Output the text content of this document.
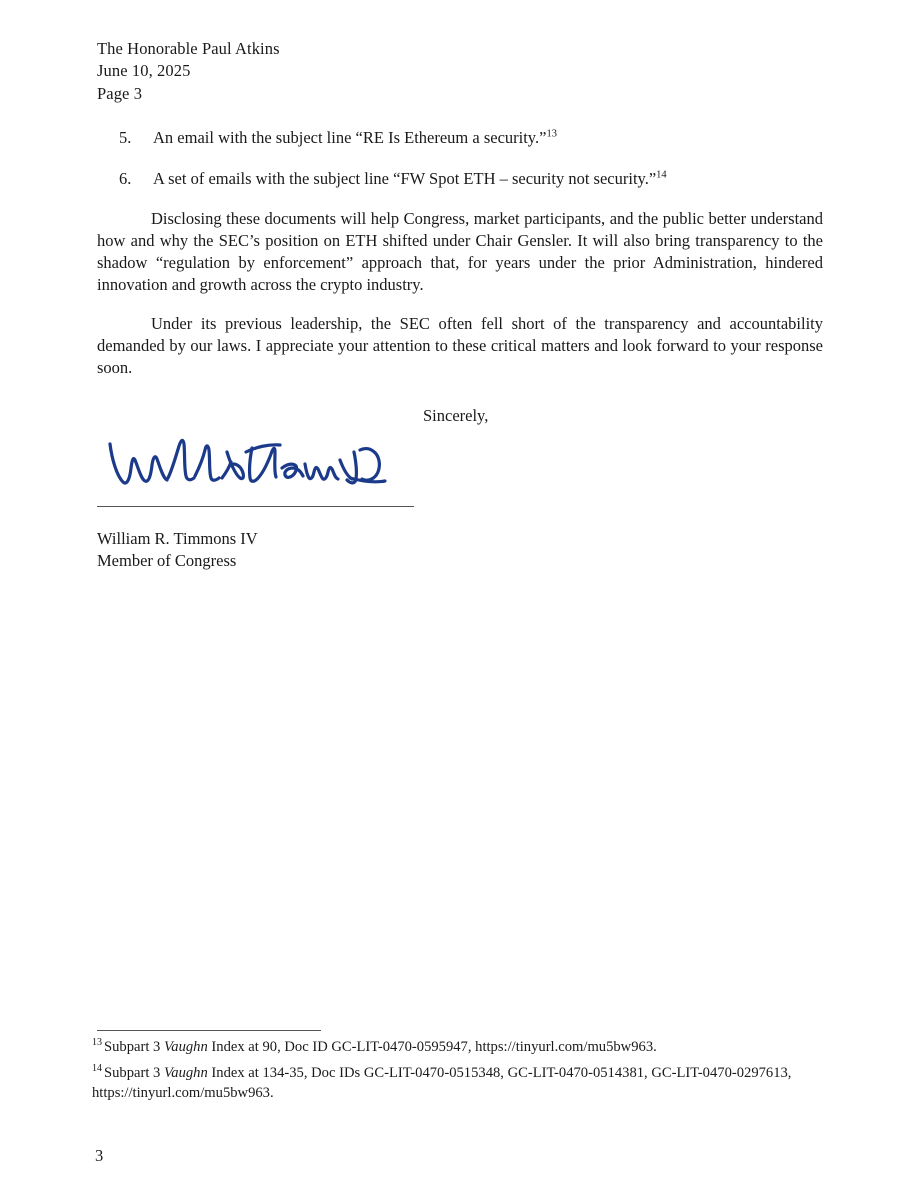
The Honorable Paul Atkins
June 10, 2025
Page 3
5.	An email with the subject line “RE Is Ethereum a security.”$^{13}$
6.	A set of emails with the subject line “FW Spot ETH – security not security.”$^{14}$

Disclosing these documents will help Congress, market participants, and the public better understand how and why the SEC’s position on ETH shifted under Chair Gensler. It will also bring transparency to the shadow “regulation by enforcement” approach that, for years under the prior Administration, hindered innovation and growth across the crypto industry.

Under its previous leadership, the SEC often fell short of the transparency and accountability demanded by our laws. I appreciate your attention to these critical matters and look forward to your response soon.

Sincerely,
William R. Timmons IV
Member of Congress
$^{13}$ Subpart 3 Vaughn Index at 90, Doc ID GC-LIT-0470-0595947, https://tinyurl.com/mu5bw963.
$^{14}$ Subpart 3 Vaughn Index at 134-35, Doc IDs GC-LIT-0470-0515348, GC-LIT-0470-0514381, GC-LIT-0470-0297613, https://tinyurl.com/mu5bw963.
3
